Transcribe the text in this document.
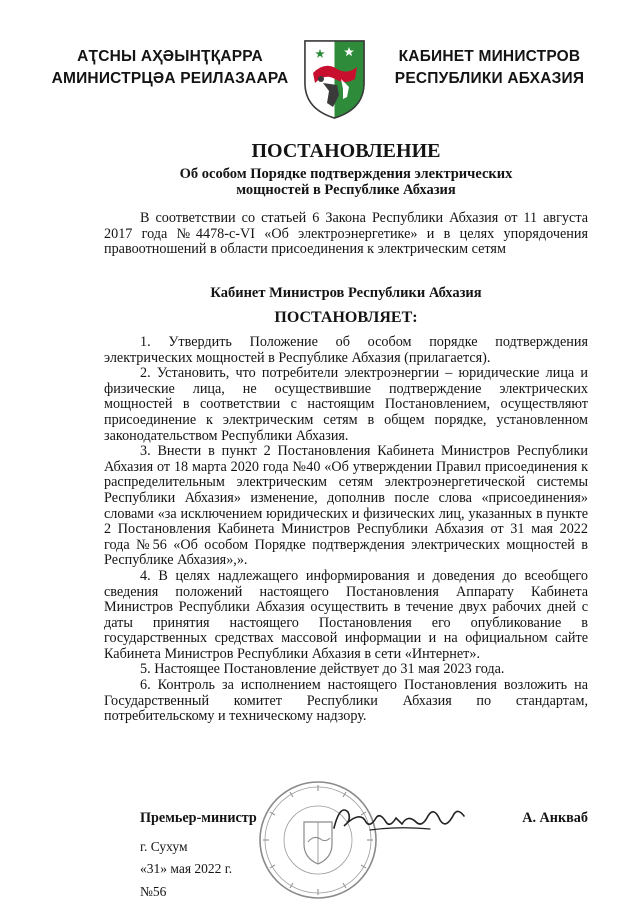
АҬСНЫ АҲӘЫНҬҚАРРА
АМИНИСТРЦӘА РЕИЛАЗААРА
КАБИНЕТ МИНИСТРОВ
РЕСПУБЛИКИ АБХАЗИЯ
ПОСТАНОВЛЕНИЕ
Об особом Порядке подтверждения электрических
мощностей в Республике Абхазия

В соответствии со статьей 6 Закона Республики Абхазия от 11 августа 2017 года №4478-с-VI «Об электроэнергетике» и в целях упорядочения правоотношений в области присоединения к электрическим сетям

Кабинет Министров Республики Абхазия
ПОСТАНОВЛЯЕТ:

1. Утвердить Положение об особом порядке подтверждения электрических мощностей в Республике Абхазия (прилагается).

2. Установить, что потребители электроэнергии – юридические лица и физические лица, не осуществившие подтверждение электрических мощностей в соответствии с настоящим Постановлением, осуществляют присоединение к электрическим сетям в общем порядке, установленном законодательством Республики Абхазия.

3. Внести в пункт 2 Постановления Кабинета Министров Республики Абхазия от 18 марта 2020 года №40 «Об утверждении Правил присоединения к распределительным электрическим сетям электроэнергетической системы Республики Абхазия» изменение, дополнив после слова «присоединения» словами «за исключением юридических и физических лиц, указанных в пункте 2 Постановления Кабинета Министров Республики Абхазия от 31 мая 2022 года №56 «Об особом Порядке подтверждения электрических мощностей в Республике Абхазия»,».

4. В целях надлежащего информирования и доведения до всеобщего сведения положений настоящего Постановления Аппарату Кабинета Министров Республики Абхазия осуществить в течение двух рабочих дней с даты принятия настоящего Постановления его опубликование в государственных средствах массовой информации и на официальном сайте Кабинета Министров Республики Абхазия в сети «Интернет».

5. Настоящее Постановление действует до 31 мая 2023 года.

6. Контроль за исполнением настоящего Постановления возложить на Государственный комитет Республики Абхазия по стандартам, потребительскому и техническому надзору.

Премьер-министр	А. Анкваб
г. Сухум
«31» мая 2022 г.
№56
